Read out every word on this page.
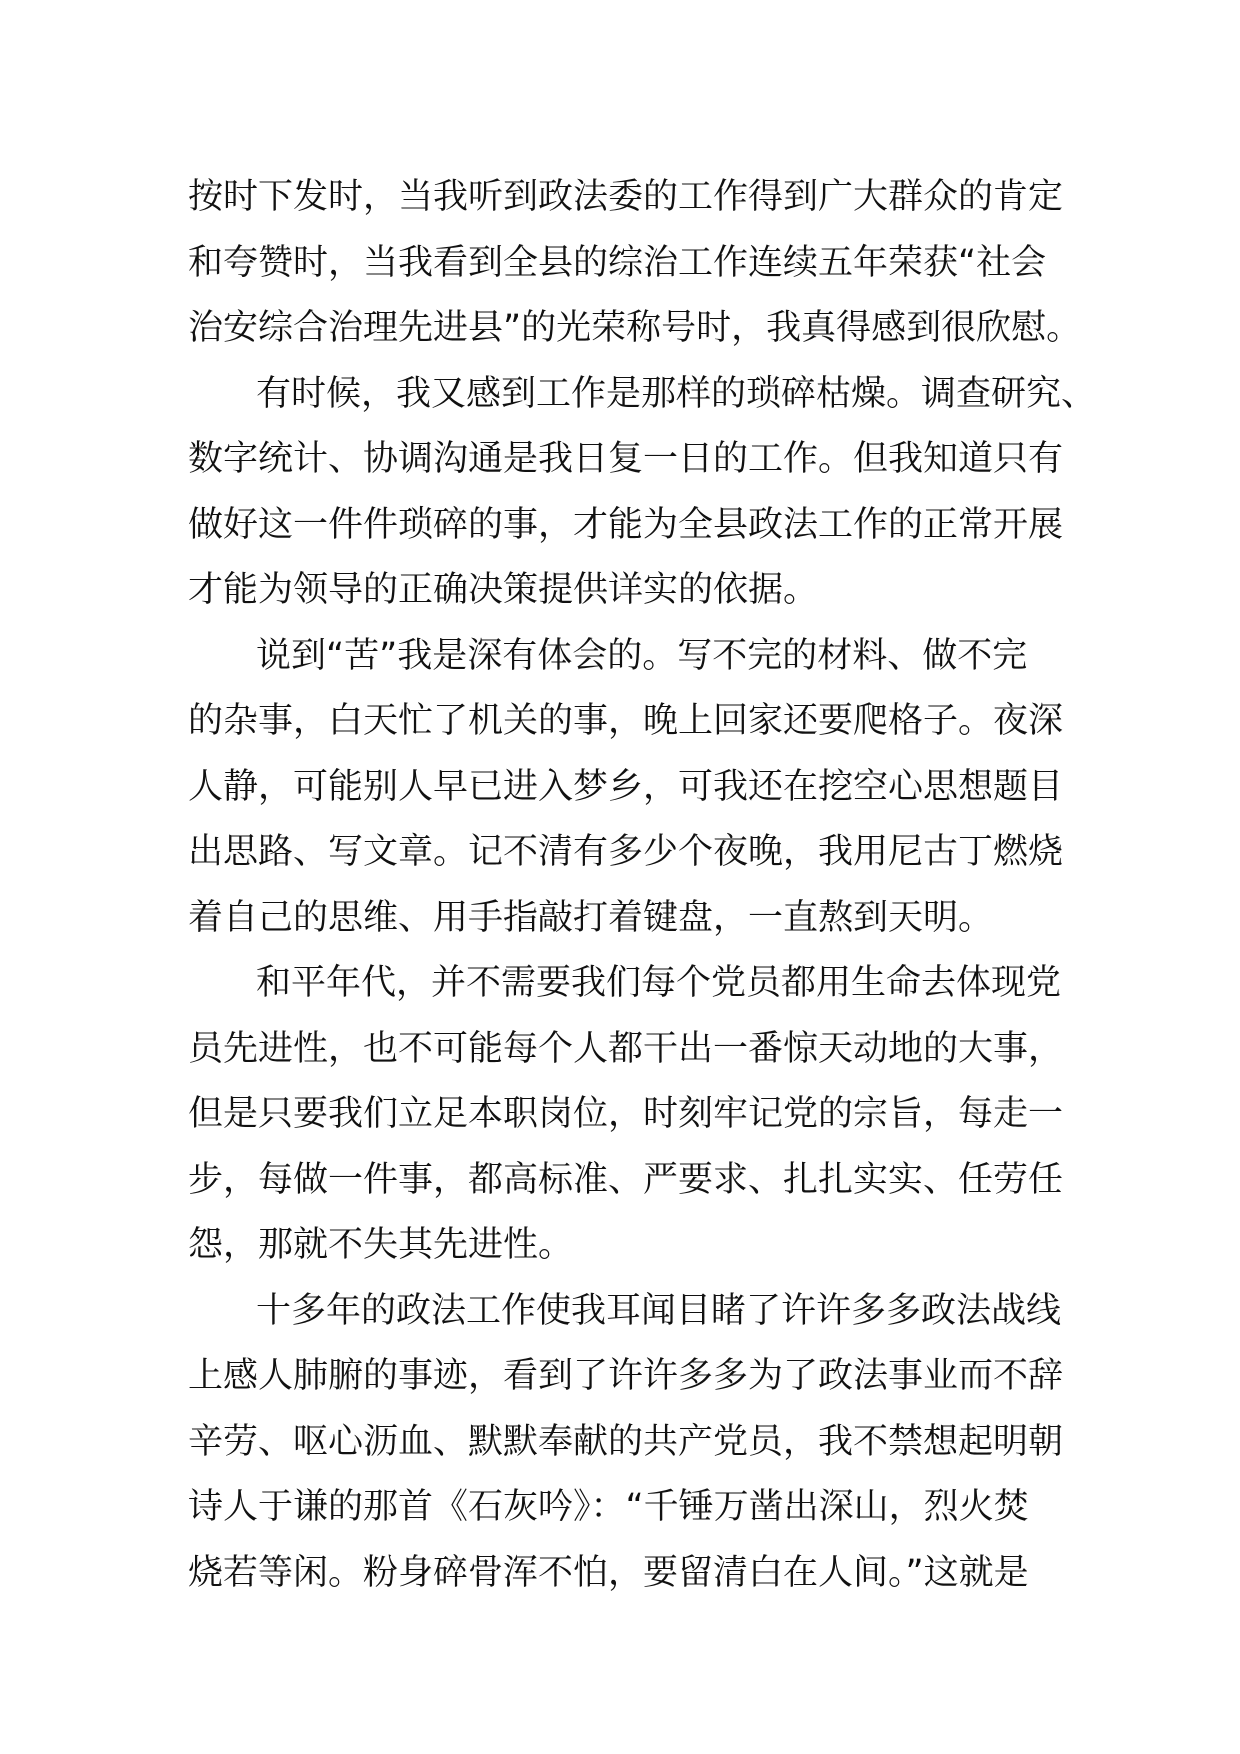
按时下发时，当我听到政法委的工作得到广大群众的肯定
和夸赞时，当我看到全县的综治工作连续五年荣获“社会
治安综合治理先进县”的光荣称号时，我真得感到很欣慰。
有时候，我又感到工作是那样的琐碎枯燥。调查研究、
数字统计、协调沟通是我日复一日的工作。但我知道只有
做好这一件件琐碎的事，才能为全县政法工作的正常开展
才能为领导的正确决策提供详实的依据。
说到“苦”我是深有体会的。写不完的材料、做不完
的杂事，白天忙了机关的事，晚上回家还要爬格子。夜深
人静，可能别人早已进入梦乡，可我还在挖空心思想题目
出思路、写文章。记不清有多少个夜晚，我用尼古丁燃烧
着自己的思维、用手指敲打着键盘，一直熬到天明。
和平年代，并不需要我们每个党员都用生命去体现党
员先进性，也不可能每个人都干出一番惊天动地的大事，
但是只要我们立足本职岗位，时刻牢记党的宗旨，每走一
步，每做一件事，都高标准、严要求、扎扎实实、任劳任
怨，那就不失其先进性。
十多年的政法工作使我耳闻目睹了许许多多政法战线
上感人肺腑的事迹，看到了许许多多为了政法事业而不辞
辛劳、呕心沥血、默默奉献的共产党员，我不禁想起明朝
诗人于谦的那首《石灰吟》：“千锤万凿出深山，烈火焚
烧若等闲。粉身碎骨浑不怕，要留清白在人间。”这就是
